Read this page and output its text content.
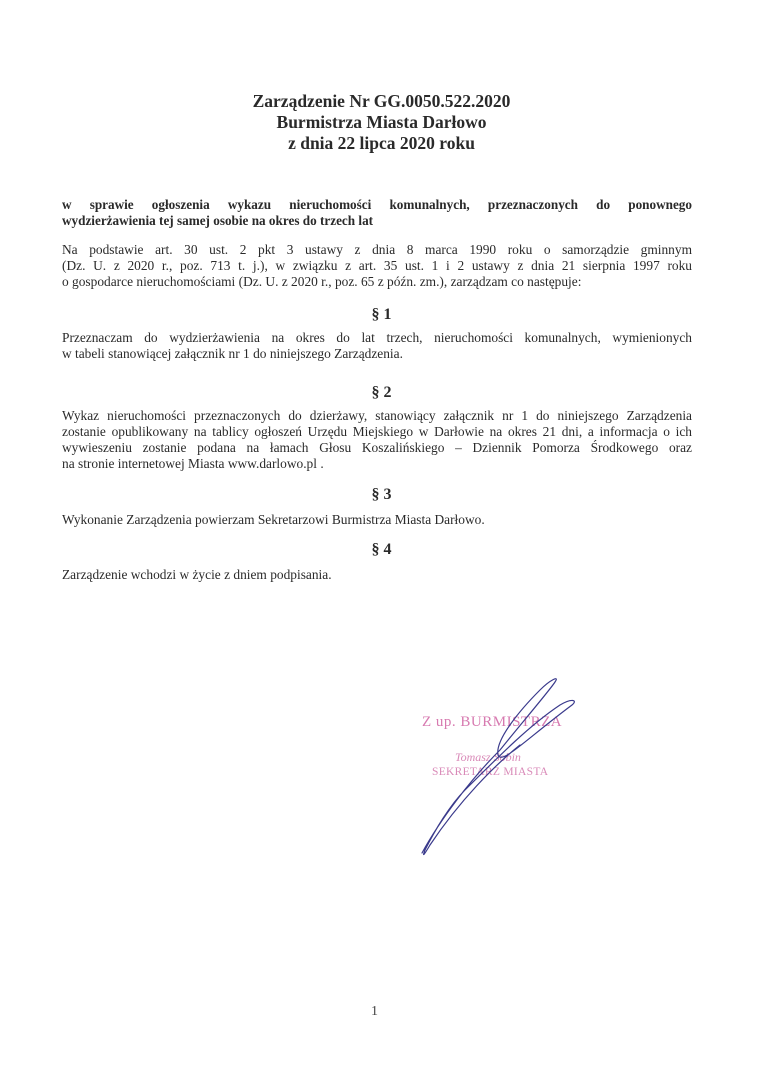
Zarządzenie Nr GG.0050.522.2020
Burmistrza Miasta Darłowo
z dnia 22 lipca 2020 roku
w sprawie ogłoszenia wykazu nieruchomości komunalnych, przeznaczonych do ponownego
wydzierżawienia tej samej osobie na okres do trzech lat
Na podstawie art. 30 ust. 2 pkt 3 ustawy z dnia 8 marca 1990 roku o samorządzie gminnym
(Dz. U. z 2020 r., poz. 713 t. j.), w związku z art. 35 ust. 1 i 2 ustawy z dnia 21 sierpnia 1997 roku
o gospodarce nieruchomościami (Dz. U. z 2020 r., poz. 65 z późn. zm.), zarządzam co następuje:
§ 1
Przeznaczam do wydzierżawienia na okres do lat trzech, nieruchomości komunalnych, wymienionych
w tabeli stanowiącej załącznik nr 1 do niniejszego Zarządzenia.
§ 2
Wykaz nieruchomości przeznaczonych do dzierżawy, stanowiący załącznik nr 1 do niniejszego Zarządzenia
zostanie opublikowany na tablicy ogłoszeń Urzędu Miejskiego w Darłowie na okres 21 dni, a informacja o ich
wywieszeniu zostanie podana na łamach Głosu Koszalińskiego – Dziennik Pomorza Środkowego oraz
na stronie internetowej Miasta www.darlowo.pl .
§ 3
Wykonanie Zarządzenia powierzam Sekretarzowi Burmistrza Miasta Darłowo.
§ 4
Zarządzenie wchodzi w życie z dniem podpisania.
Z up. BURMISTRZA
Tomasz Sobin
SEKRETARZ MIASTA
1
